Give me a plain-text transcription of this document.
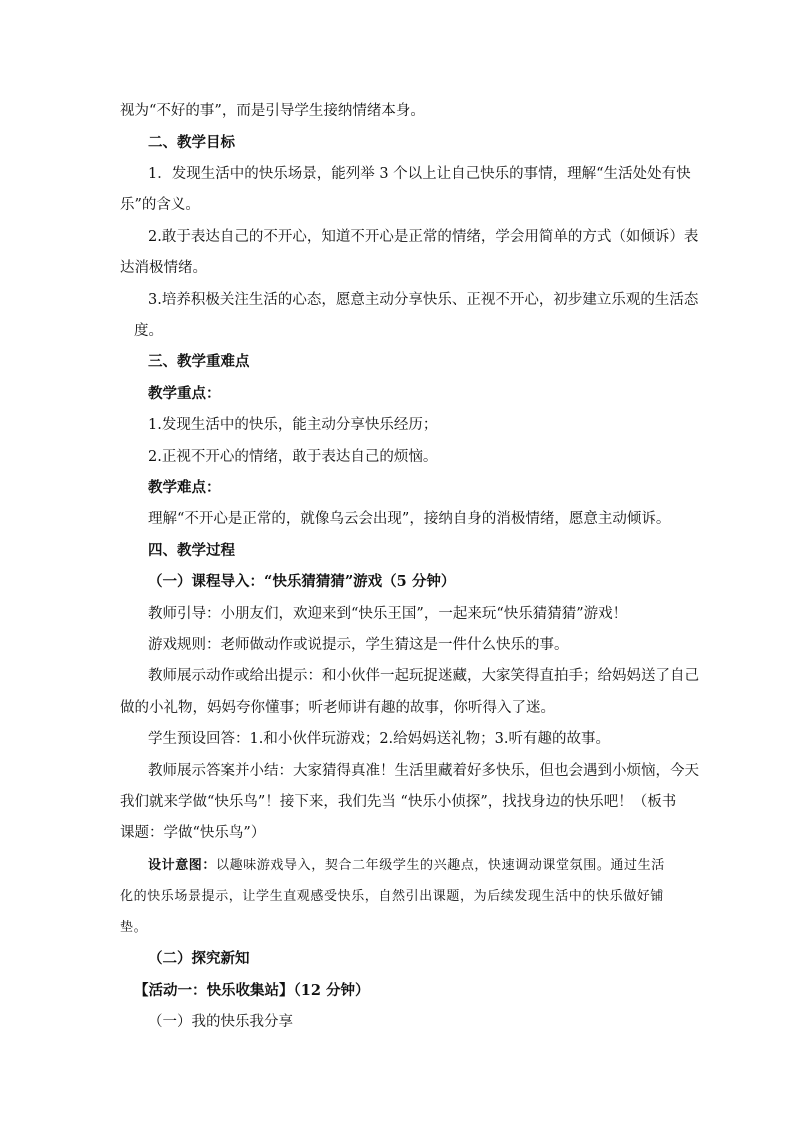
视为“不好的事”，而是引导学生接纳情绪本身。
二、教学目标
1．发现生活中的快乐场景，能列举 3 个以上让自己快乐的事情，理解“生活处处有快
乐”的含义。
2.敢于表达自己的不开心，知道不开心是正常的情绪，学会用简单的方式（如倾诉）表
达消极情绪。
3.培养积极关注生活的心态，愿意主动分享快乐、正视不开心，初步建立乐观的生活态
度。
三、教学重难点
教学重点：
1.发现生活中的快乐，能主动分享快乐经历；
2.正视不开心的情绪，敢于表达自己的烦恼。
教学难点：
理解“不开心是正常的，就像乌云会出现”，接纳自身的消极情绪，愿意主动倾诉。
四、教学过程
（一）课程导入：“快乐猜猜猜”游戏（5 分钟）
教师引导：小朋友们，欢迎来到“快乐王国”，一起来玩“快乐猜猜猜”游戏！
游戏规则：老师做动作或说提示，学生猜这是一件什么快乐的事。
教师展示动作或给出提示：和小伙伴一起玩捉迷藏，大家笑得直拍手；给妈妈送了自己
做的小礼物，妈妈夸你懂事；听老师讲有趣的故事，你听得入了迷。
学生预设回答：1.和小伙伴玩游戏；2.给妈妈送礼物；3.听有趣的故事。
教师展示答案并小结：大家猜得真准！生活里藏着好多快乐，但也会遇到小烦恼，今天
我们就来学做“快乐鸟”！接下来，我们先当 “快乐小侦探”，找找身边的快乐吧！（板书
课题：学做“快乐鸟”）
设计意图：以趣味游戏导入，契合二年级学生的兴趣点，快速调动课堂氛围。通过生活
化的快乐场景提示，让学生直观感受快乐，自然引出课题，为后续发现生活中的快乐做好铺
垫。
（二）探究新知
【活动一：快乐收集站】（12 分钟）
（一）我的快乐我分享
